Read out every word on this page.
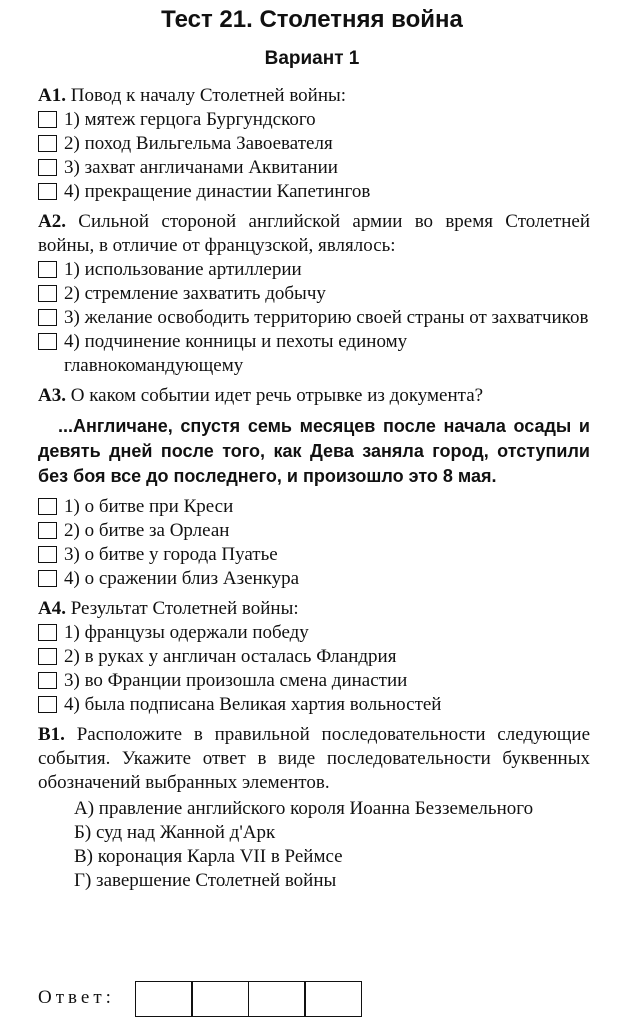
Тест 21. Столетняя война
Вариант 1

А1. Повод к началу Столетней войны:

1) мятеж герцога Бургундского
2) поход Вильгельма Завоевателя
3) захват англичанами Аквитании
4) прекращение династии Капетингов

А2. Сильной стороной английской армии во время Столетней войны, в отличие от французской, являлось:

1) использование артиллерии
2) стремление захватить добычу
3) желание освободить территорию своей страны от захватчиков
4) подчинение конницы и пехоты единому главнокомандующему

А3. О каком событии идет речь отрывке из документа?

...Англичане, спустя семь месяцев после начала осады и девять дней после того, как Дева заняла город, отступили без боя все до последнего, и произошло это 8 мая.

1) о битве при Креси
2) о битве за Орлеан
3) о битве у города Пуатье
4) о сражении близ Азенкура

А4. Результат Столетней войны:

1) французы одержали победу
2) в руках у англичан осталась Фландрия
3) во Франции произошла смена династии
4) была подписана Великая хартия вольностей

В1. Расположите в правильной последовательности следующие события. Укажите ответ в виде последовательности буквенных обозначений выбранных элементов.

А) правление английского короля Иоанна Безземельного
Б) суд над Жанной д'Арк
В) коронация Карла VII в Реймсе
Г) завершение Столетней войны
Ответ:
